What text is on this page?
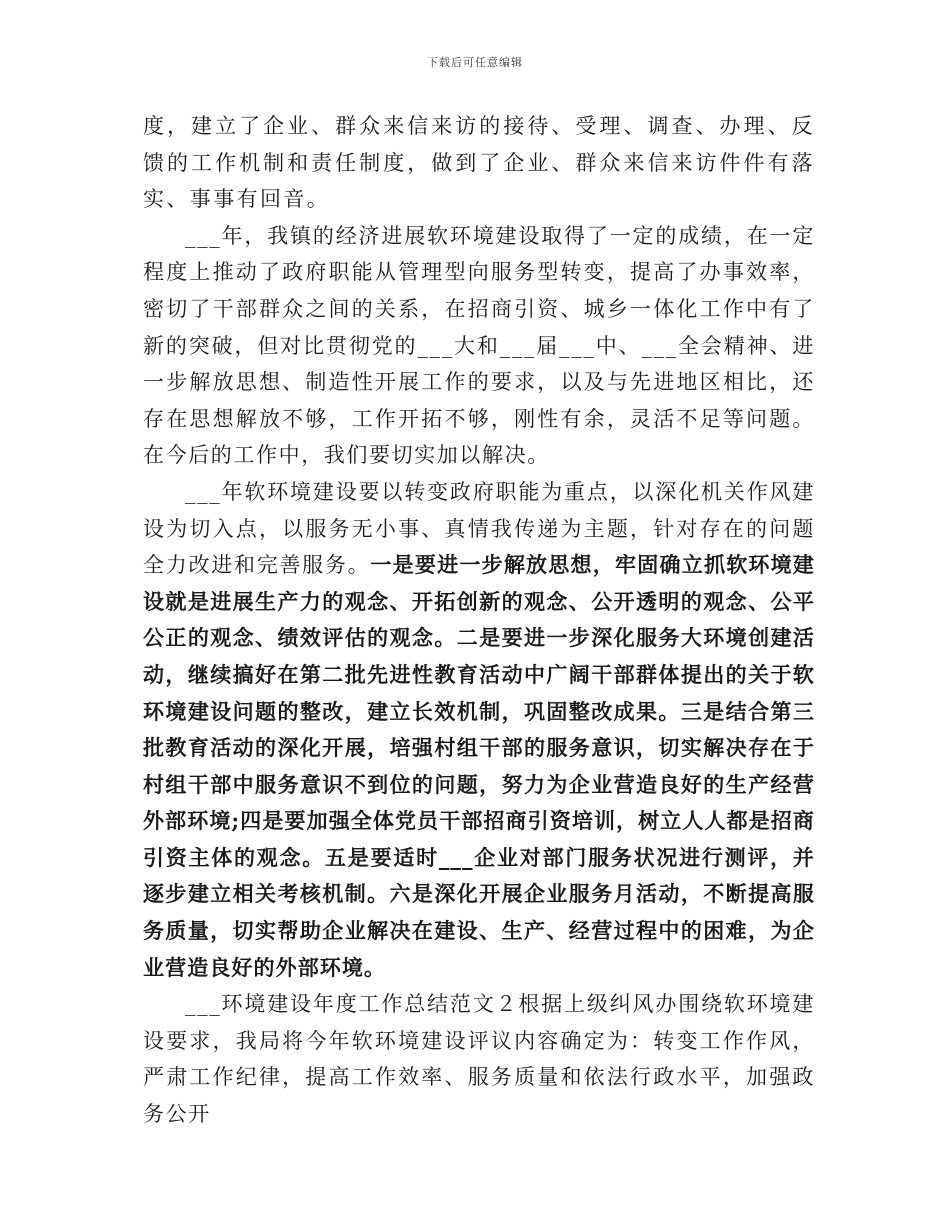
下载后可任意编辑

度，建立了企业、群众来信来访的接待、受理、调查、办理、反馈的工作机制和责任制度，做到了企业、群众来信来访件件有落实、事事有回音。

___年，我镇的经济进展软环境建设取得了一定的成绩，在一定程度上推动了政府职能从管理型向服务型转变，提高了办事效率，密切了干部群众之间的关系，在招商引资、城乡一体化工作中有了新的突破，但对比贯彻党的___大和___届___中、___全会精神、进一步解放思想、制造性开展工作的要求，以及与先进地区相比，还存在思想解放不够，工作开拓不够，刚性有余，灵活不足等问题。在今后的工作中，我们要切实加以解决。

___年软环境建设要以转变政府职能为重点，以深化机关作风建设为切入点，以服务无小事、真情我传递为主题，针对存在的问题全力改进和完善服务。一是要进一步解放思想，牢固确立抓软环境建设就是进展生产力的观念、开拓创新的观念、公开透明的观念、公平公正的观念、绩效评估的观念。二是要进一步深化服务大环境创建活动，继续搞好在第二批先进性教育活动中广阔干部群体提出的关于软环境建设问题的整改，建立长效机制，巩固整改成果。三是结合第三批教育活动的深化开展，培强村组干部的服务意识，切实解决存在于村组干部中服务意识不到位的问题，努力为企业营造良好的生产经营外部环境;四是要加强全体党员干部招商引资培训，树立人人都是招商引资主体的观念。五是要适时___企业对部门服务状况进行测评，并逐步建立相关考核机制。六是深化开展企业服务月活动，不断提高服务质量，切实帮助企业解决在建设、生产、经营过程中的困难，为企业营造良好的外部环境。

___环境建设年度工作总结范文２根据上级纠风办围绕软环境建设要求，我局将今年软环境建设评议内容确定为：转变工作作风，严肃工作纪律，提高工作效率、服务质量和依法行政水平，加强政务公开
